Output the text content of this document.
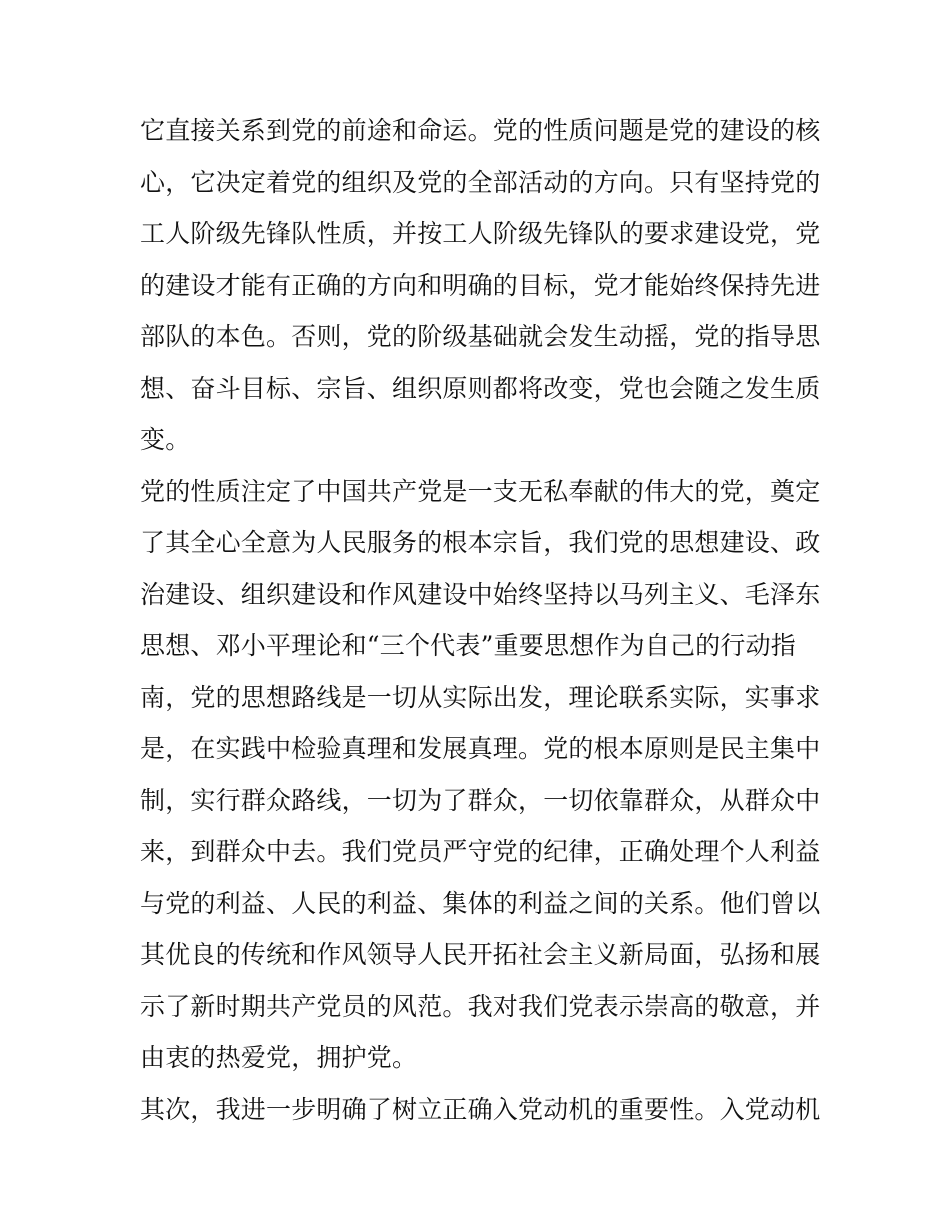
它直接关系到党的前途和命运。党的性质问题是党的建设的核
心，它决定着党的组织及党的全部活动的方向。只有坚持党的
工人阶级先锋队性质，并按工人阶级先锋队的要求建设党，党
的建设才能有正确的方向和明确的目标，党才能始终保持先进
部队的本色。否则，党的阶级基础就会发生动摇，党的指导思
想、奋斗目标、宗旨、组织原则都将改变，党也会随之发生质
变。
党的性质注定了中国共产党是一支无私奉献的伟大的党，奠定
了其全心全意为人民服务的根本宗旨，我们党的思想建设、政
治建设、组织建设和作风建设中始终坚持以马列主义、毛泽东
思想、邓小平理论和“三个代表”重要思想作为自己的行动指
南，党的思想路线是一切从实际出发，理论联系实际，实事求
是，在实践中检验真理和发展真理。党的根本原则是民主集中
制，实行群众路线，一切为了群众，一切依靠群众，从群众中
来，到群众中去。我们党员严守党的纪律，正确处理个人利益
与党的利益、人民的利益、集体的利益之间的关系。他们曾以
其优良的传统和作风领导人民开拓社会主义新局面，弘扬和展
示了新时期共产党员的风范。我对我们党表示崇高的敬意，并
由衷的热爱党，拥护党。
其次，我进一步明确了树立正确入党动机的重要性。入党动机
